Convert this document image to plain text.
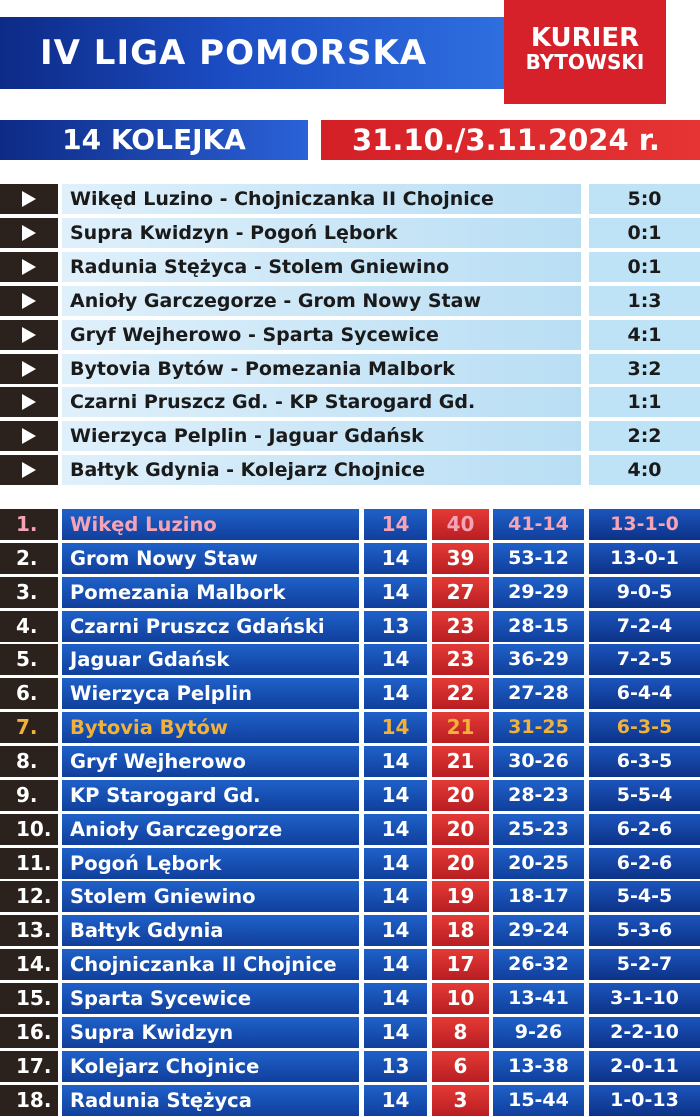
IV LIGA POMORSKA	KURIER
BYTOWSKI
14 KOLEJKA	31.10./3.11.2024 r.
Wikęd Luzino - Chojniczanka II Chojnice	5:0
Supra Kwidzyn - Pogoń Lębork	0:1
Radunia Stężyca - Stolem Gniewino	0:1
Anioły Garczegorze - Grom Nowy Staw	1:3
Gryf Wejherowo - Sparta Sycewice	4:1
Bytovia Bytów - Pomezania Malbork	3:2
Czarni Pruszcz Gd. - KP Starogard Gd.	1:1
Wierzyca Pelplin - Jaguar Gdańsk	2:2
Bałtyk Gdynia - Kolejarz Chojnice	4:0
1.	Wikęd Luzino	14	40	41-14	13-1-0
2.	Grom Nowy Staw	14	39	53-12	13-0-1
3.	Pomezania Malbork	14	27	29-29	9-0-5
4.	Czarni Pruszcz Gdański	13	23	28-15	7-2-4
5.	Jaguar Gdańsk	14	23	36-29	7-2-5
6.	Wierzyca Pelplin	14	22	27-28	6-4-4
7.	Bytovia Bytów	14	21	31-25	6-3-5
8.	Gryf Wejherowo	14	21	30-26	6-3-5
9.	KP Starogard Gd.	14	20	28-23	5-5-4
10. Anioły Garczegorze	14	20	25-23	6-2-6
11. Pogoń Lębork	14	20	20-25	6-2-6
12. Stolem Gniewino	14	19	18-17	5-4-5
13. Bałtyk Gdynia	14	18	29-24	5-3-6
14. Chojniczanka II Chojnice	14	17	26-32	5-2-7
15. Sparta Sycewice	14	10	13-41	3-1-10
16. Supra Kwidzyn	14	8	9-26	2-2-10
17. Kolejarz Chojnice	13	6	13-38	2-0-11
18. Radunia Stężyca	14	3	15-44	1-0-13
